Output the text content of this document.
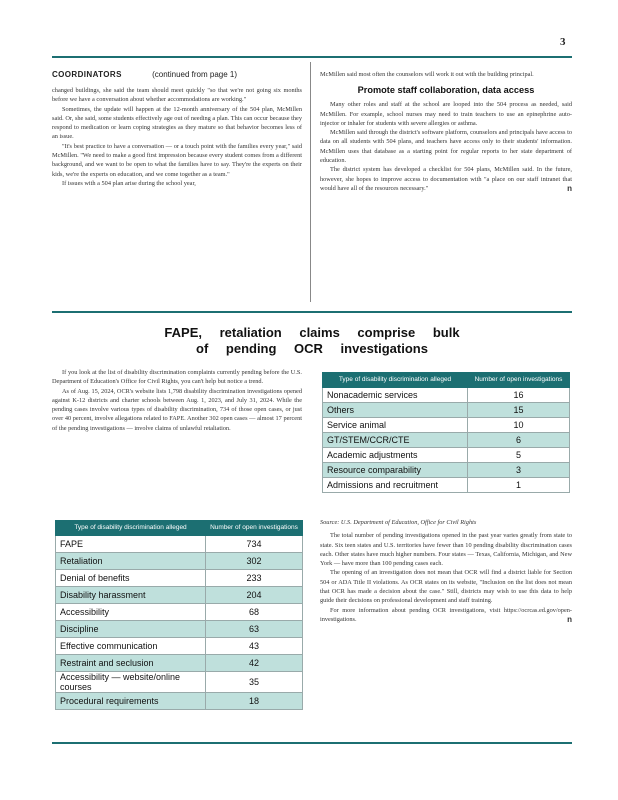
3
COORDINATORS	(continued from page 1)

changed buildings, she said the team should meet quickly "so that we're not going six months before we have a conversation about whether accommodations are working."

Sometimes, the update will happen at the 12-month anniversary of the 504 plan, McMillen said. Or, she said, some students effectively age out of needing a plan. This can occur because they respond to medication or learn coping strategies as they mature so that behavior becomes less of an issue.

"It's best practice to have a conversation — or a touch point with the families every year," said McMillen. "We need to make a good first impression because every student comes from a different background, and we want to be open to what the families have to say. They're the experts on their kids, we're the experts on education, and we come together as a team."

If issues with a 504 plan arise during the school year,

McMillen said most often the counselors will work it out with the building principal.

Promote staff collaboration, data access

Many other roles and staff at the school are looped into the 504 process as needed, said McMillen. For example, school nurses may need to train teachers to use an epinephrine auto-injector or inhaler for students with severe allergies or asthma.

McMillen said through the district's software platform, counselors and principals have access to data on all students with 504 plans, and teachers have access only to their students' information. McMillen uses that database as a starting point for regular reports to her state department of education.

The district system has developed a checklist for 504 plans, McMillen said. In the future, however, she hopes to improve access to documentation with "a place on our staff intranet that would have all of the resources necessary."	n

FAPE, retaliation claims comprise bulk
of pending OCR investigations

If you look at the list of disability discrimination complaints currently pending before the U.S. Department of Education's Office for Civil Rights, you can't help but notice a trend.

As of Aug. 15, 2024, OCR's website lists 1,798 disability discrimination investigations opened against K-12 districts and charter schools between Aug. 1, 2023, and July 31, 2024. While the pending cases involve various types of disability discrimination, 734 of those open cases, or just over 40 percent, involve allegations related to FAPE. Another 302 open cases — almost 17 percent of the pending investigations — involve claims of unlawful retaliation.

Type of disability discrimination alleged	Number of open investigations
FAPE	734
Retaliation	302
Denial of benefits	233
Disability harassment	204
Accessibility	68
Discipline	63
Effective communication	43
Restraint and seclusion	42
Accessibility — website/online courses	35
Procedural requirements	18
Type of disability discrimination alleged	Number of open investigations
Nonacademic services	16
Others	15
Service animal	10
GT/STEM/CCR/CTE	6
Academic adjustments	5
Resource comparability	3
Admissions and recruitment	1

Source: U.S. Department of Education, Office for Civil Rights

The total number of pending investigations opened in the past year varies greatly from state to state. Six teen states and U.S. territories have fewer than 10 pending disability discrimination cases each. Other states have much higher numbers. Four states — Texas, California, Michigan, and New York — have more than 100 pending cases each.

The opening of an investigation does not mean that OCR will find a district liable for Section 504 or ADA Title II violations. As OCR states on its website, "Inclusion on the list does not mean that OCR has made a decision about the case." Still, districts may wish to use this data to help guide their decisions on professional development and staff training.

For more information about pending OCR investigations, visit https://ocrcas.ed.gov/open-investigations.	n
